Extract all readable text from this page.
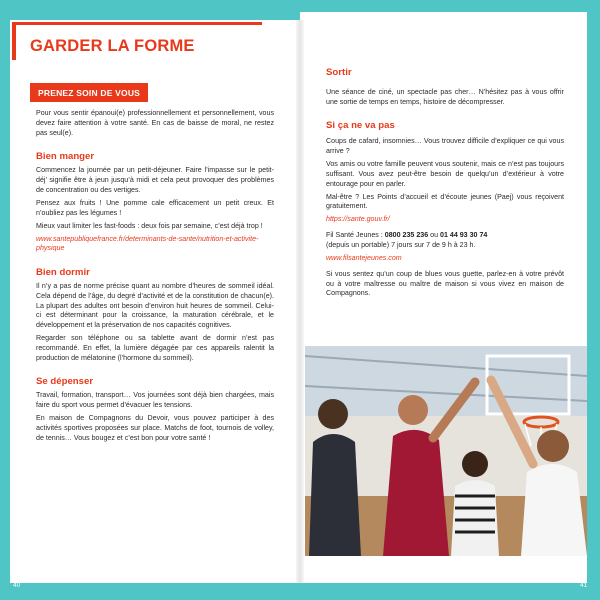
GARDER LA FORME
PRENEZ SOIN DE VOUS

Pour vous sentir épanoui(e) professionnellement et personnellement, vous devez faire attention à votre santé. En cas de baisse de moral, ne restez pas seul(e).

Bien manger

Commencez la journée par un petit-déjeuner. Faire l’impasse sur le petit-déj’ signifie être à jeun jusqu’à midi et cela peut provoquer des problèmes de concentration ou des vertiges.

Pensez aux fruits ! Une pomme cale efficacement un petit creux. Et n’oubliez pas les légumes !

Mieux vaut limiter les fast-foods : deux fois par semaine, c’est déjà trop !

www.santepubliquefrance.fr/determinants-de-sante/nutrition-et-activite-physique

Bien dormir

Il n’y a pas de norme précise quant au nombre d’heures de sommeil idéal. Cela dépend de l’âge, du degré d’activité et de la constitution de chacun(e). La plupart des adultes ont besoin d’environ huit heures de sommeil. Celui-ci est déterminant pour la croissance, la maturation cérébrale, et le développement et la préservation de nos capacités cognitives.

Regarder son téléphone ou sa tablette avant de dormir n’est pas recommandé. En effet, la lumière dégagée par ces appareils ralentit la production de mélatonine (l’hormone du sommeil).

Se dépenser

Travail, formation, transport… Vos journées sont déjà bien chargées, mais faire du sport vous permet d’évacuer les tensions.

En maison de Compagnons du Devoir, vous pouvez participer à des activités sportives proposées sur place. Matchs de foot, tournois de volley, de tennis… Vous bougez et c’est bon pour votre santé !

Sortir

Une séance de ciné, un spectacle pas cher… N’hésitez pas à vous offrir une sortie de temps en temps, histoire de décompresser.

Si ça ne va pas

Coups de cafard, insomnies… Vous trouvez difficile d’expliquer ce qui vous arrive ?

Vos amis ou votre famille peuvent vous soutenir, mais ce n’est pas toujours suffisant. Vous avez peut-être besoin de quelqu’un d’extérieur à votre entourage pour en parler.

Mal-être ? Les Points d’accueil et d’écoute jeunes (Paej) vous reçoivent gratuitement.

https://sante.gouv.fr/

Fil Santé Jeunes : 0800 235 236 ou 01 44 93 30 74
(depuis un portable) 7 jours sur 7 de 9 h à 23 h.

www.filsantejeunes.com

Si vous sentez qu’un coup de blues vous guette, parlez-en à votre prévôt ou à votre maîtresse ou maître de maison si vous vivez en maison de Compagnons.

40	41
